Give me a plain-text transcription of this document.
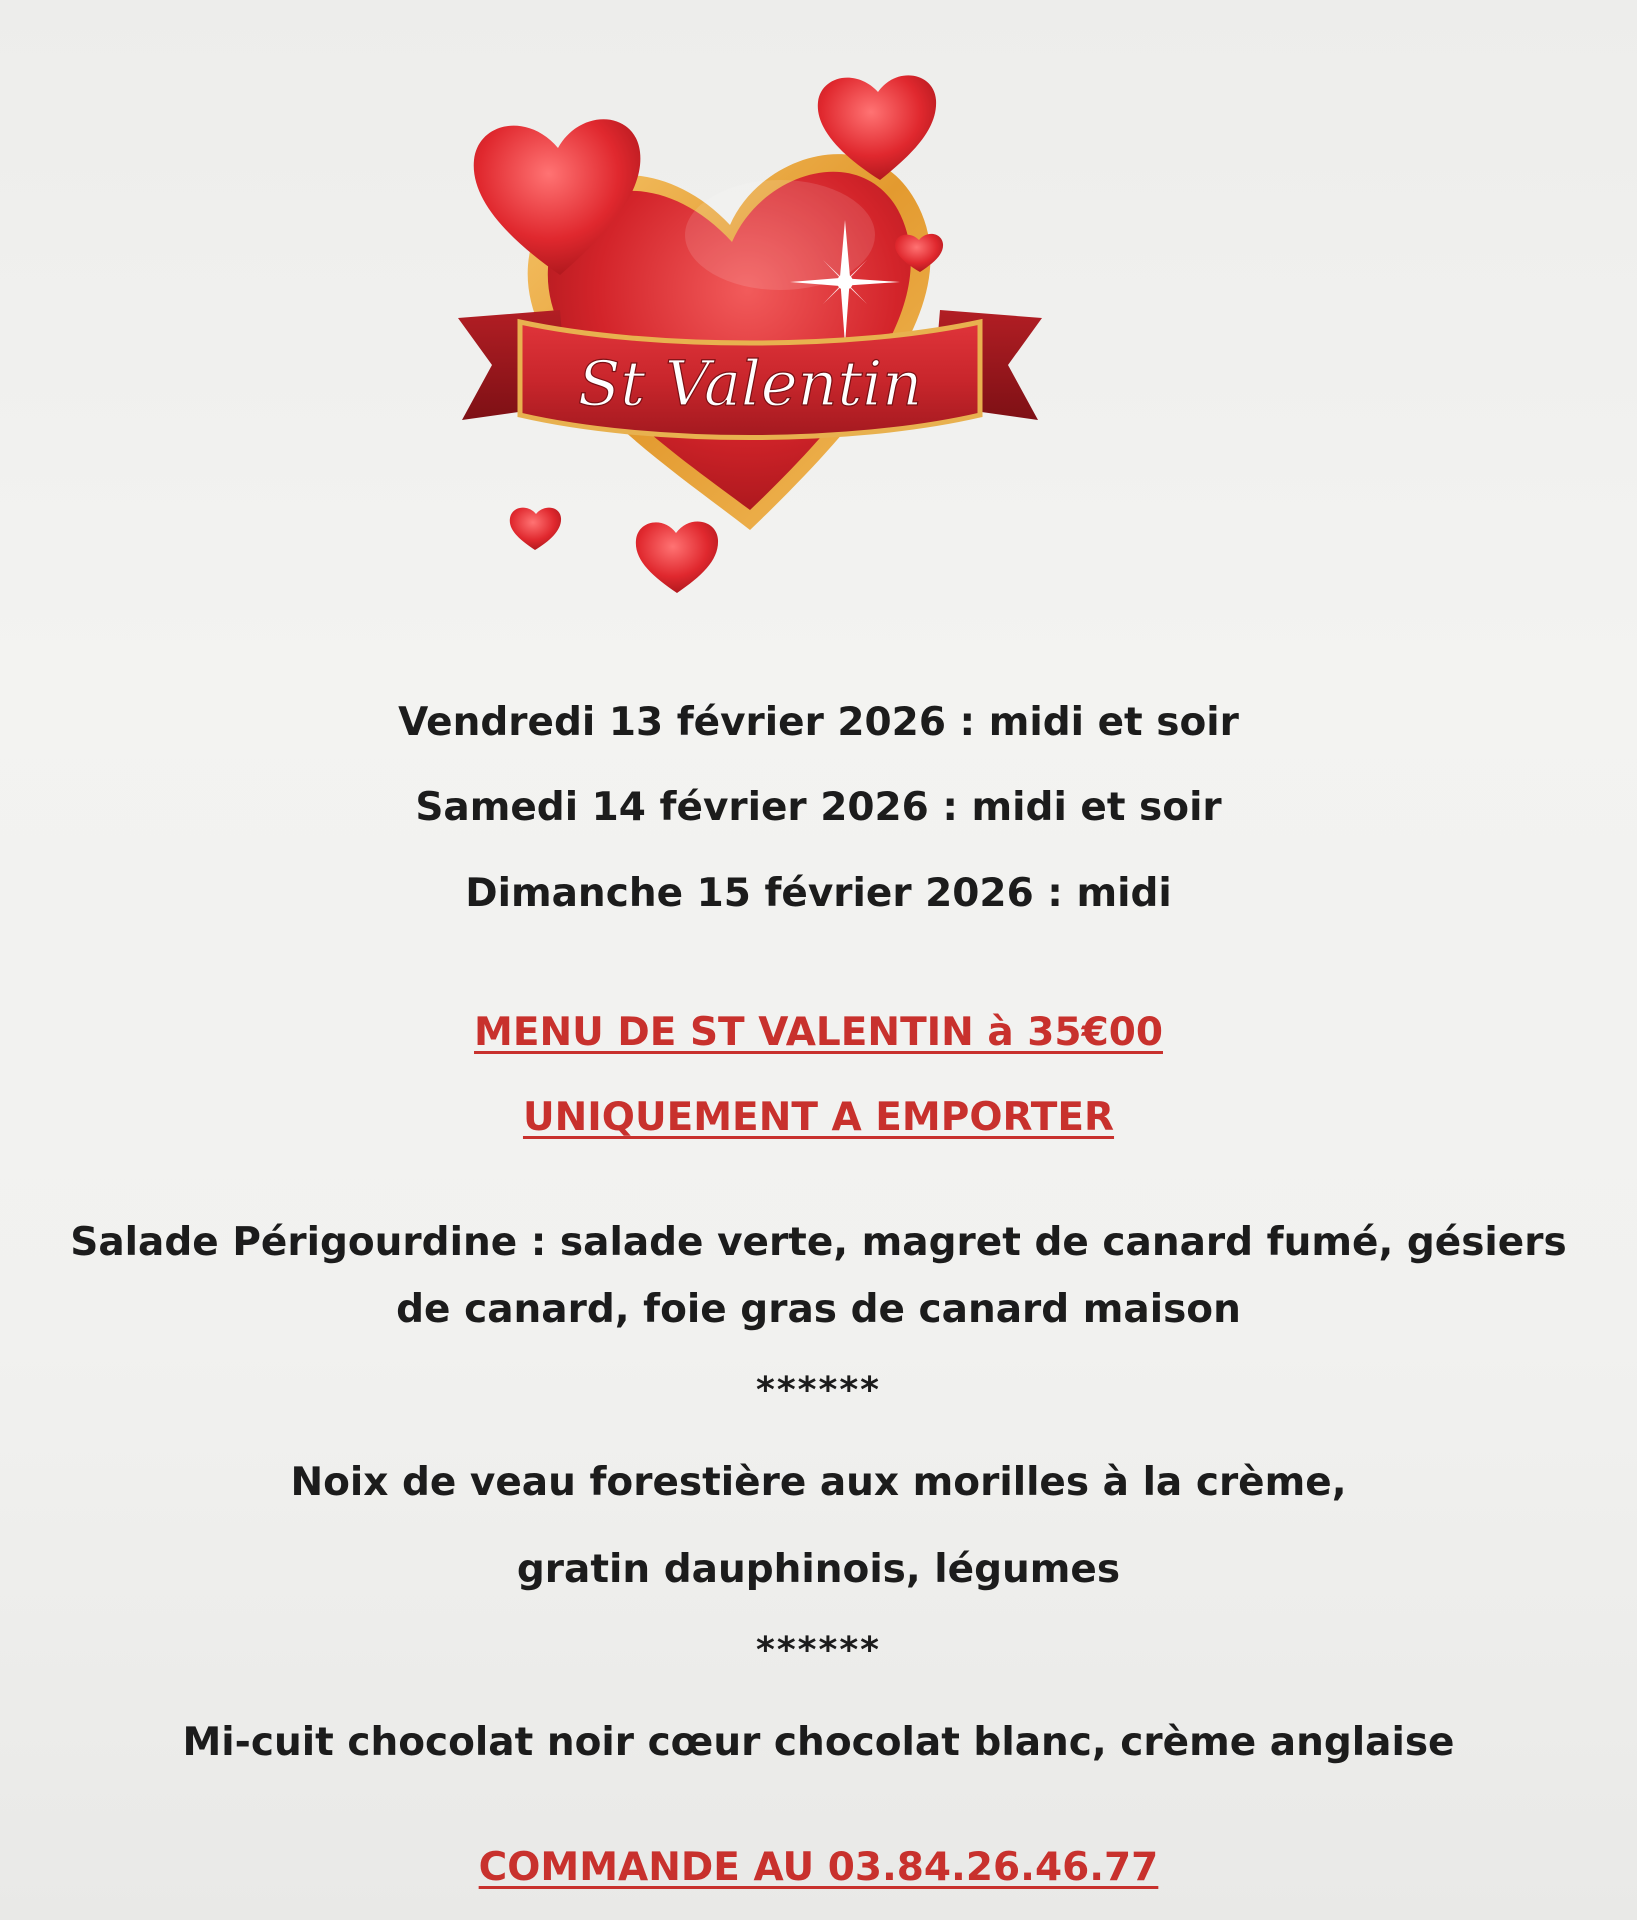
St Valentin
Vendredi 13 février 2026 : midi et soir
Samedi 14 février 2026 : midi et soir
Dimanche 15 février 2026 : midi
MENU DE ST VALENTIN à 35€00
UNIQUEMENT A EMPORTER
Salade Périgourdine : salade verte, magret de canard fumé, gésiers
de canard, foie gras de canard maison
******
Noix de veau forestière aux morilles à la crème,
gratin dauphinois, légumes
******
Mi-cuit chocolat noir cœur chocolat blanc, crème anglaise
COMMANDE AU 03.84.26.46.77
